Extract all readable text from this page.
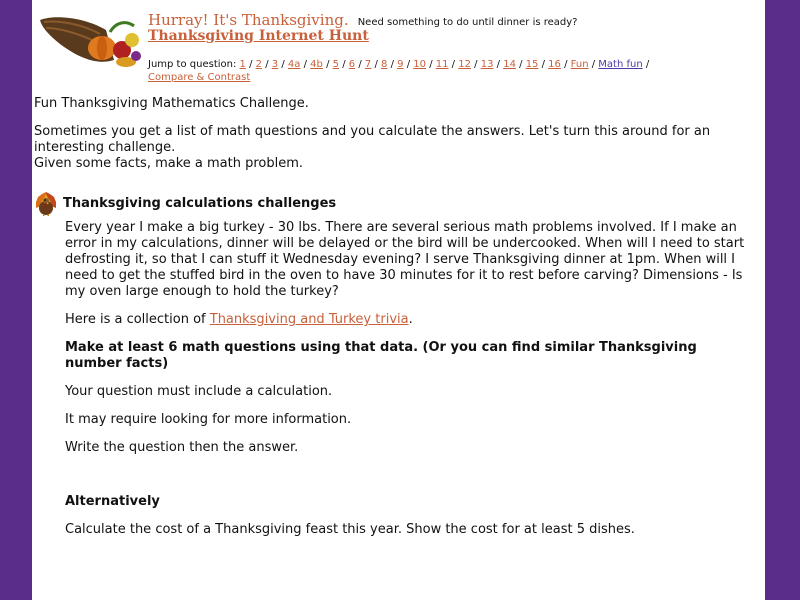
Hurray! It's Thanksgiving. Need something to do until dinner is ready?
Thanksgiving Internet Hunt
Jump to question: 1 / 2 / 3 / 4a / 4b / 5 / 6 / 7 / 8 / 9 / 10 / 11 / 12 / 13 / 14 / 15 / 16 / Fun / Math fun /
Compare & Contrast

Fun Thanksgiving Mathematics Challenge.

Sometimes you get a list of math questions and you calculate the answers. Let's turn this around for an interesting challenge.

Given some facts, make a math problem.

Thanksgiving calculations challenges

Every year I make a big turkey - 30 lbs. There are several serious math problems involved. If I make an error in my calculations, dinner will be delayed or the bird will be undercooked. When will I need to start defrosting it, so that I can stuff it Wednesday evening? I serve Thanksgiving dinner at 1pm. When will I need to get the stuffed bird in the oven to have 30 minutes for it to rest before carving? Dimensions - Is my oven large enough to hold the turkey?

Here is a collection of Thanksgiving and Turkey trivia.

Make at least 6 math questions using that data. (Or you can find similar Thanksgiving number facts)

Your question must include a calculation.

It may require looking for more information.

Write the question then the answer.

Alternatively

Calculate the cost of a Thanksgiving feast this year. Show the cost for at least 5 dishes.
